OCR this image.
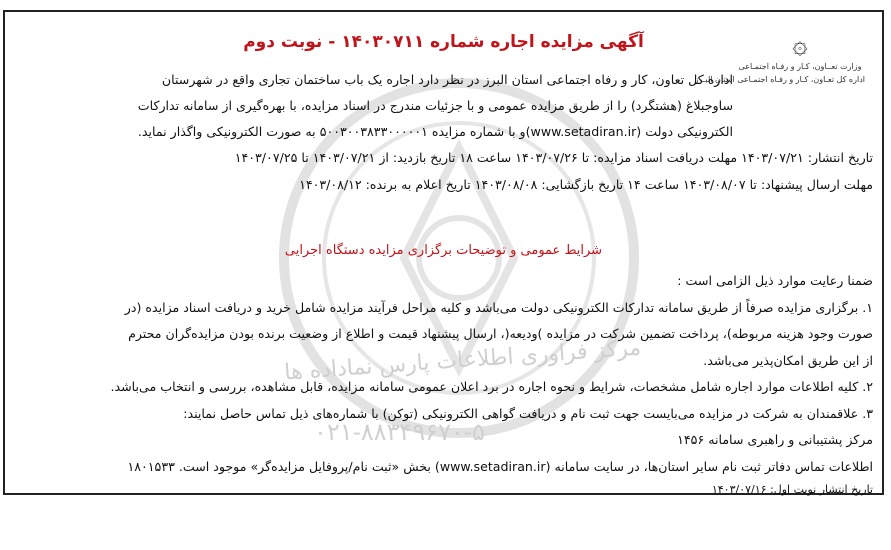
۞
وزارت تعــاون، کـار و رفـاه اجتمـاعی
اداره کل تعـاون، کـار و رفـاه اجتمـاعی استان البـرز
آگهی مزایده اجاره شماره ۱۴۰۳۰۷۱۱ - نوبت دوم
اداره کل تعاون، کار و رفاه اجتماعی استان البرز در نظر دارد اجاره یک باب ساختمان تجاری واقع در شهرستان
ساوجبلاغ (هشتگرد) را از طریق مزایده عمومی و با جزئیات مندرج در اسناد مزایده، با بهره‌گیری از سامانه تدارکات
الکترونیکی دولت (www.setadiran.ir)و با شماره مزایده ۵۰۰۳۰۰۳۸۳۳۰۰۰۰۰۱ به صورت الکترونیکی واگذار نماید.
تاریخ انتشار: ۱۴۰۳/۰۷/۲۱ مهلت دریافت اسناد مزایده: تا ۱۴۰۳/۰۷/۲۶ ساعت ۱۸ تاریخ بازدید: از ۱۴۰۳/۰۷/۲۱ تا ۱۴۰۳/۰۷/۲۵
مهلت ارسال پیشنهاد: تا ۱۴۰۳/۰۸/۰۷ ساعت ۱۴ تاریخ بازگشایی: ۱۴۰۳/۰۸/۰۸ تاریخ اعلام به برنده: ۱۴۰۳/۰۸/۱۲
شرایط عمومی و توضیحات برگزاری مزایده دستگاه اجرایی
ضمنا رعایت موارد ذیل الزامی است :
۱. برگزاری مزایده صرفاً از طریق سامانه تدارکات الکترونیکی دولت می‌باشد و کلیه مراحل فرآیند مزایده شامل خرید و دریافت اسناد مزایده (در
صورت وجود هزینه مربوطه)، پرداخت تضمین شرکت در مزایده )ودیعه(، ارسال پیشنهاد قیمت و اطلاع از وضعیت برنده بودن مزایده‌گران محترم
از این طریق امکان‌پذیر می‌باشد.
۲. کلیه اطلاعات موارد اجاره شامل مشخصات، شرایط و نحوه اجاره در برد اعلان عمومی سامانه مزایده، قابل مشاهده، بررسی و انتخاب می‌باشد.
۳. علاقمندان به شرکت در مزایده می‌بایست جهت ثبت نام و دریافت گواهی الکترونیکی (توکن) با شماره‌های ذیل تماس حاصل نمایند:
مرکز پشتیبانی و راهبری سامانه ۱۴۵۶
اطلاعات تماس دفاتر ثبت نام سایر استان‌ها، در سایت سامانه (www.setadiran.ir) بخش «ثبت نام/پروفایل مزایده‌گر» موجود است. ۱۸۰۱۵۳۳
تاریخ انتشار نوبت اول: ۱۴۰۳/۰۷/۱۶
مرکز فراوری اطلاعات پارس نماداده ها
۰۲۱-۸۸۳۴۹۶۷۰-۵
